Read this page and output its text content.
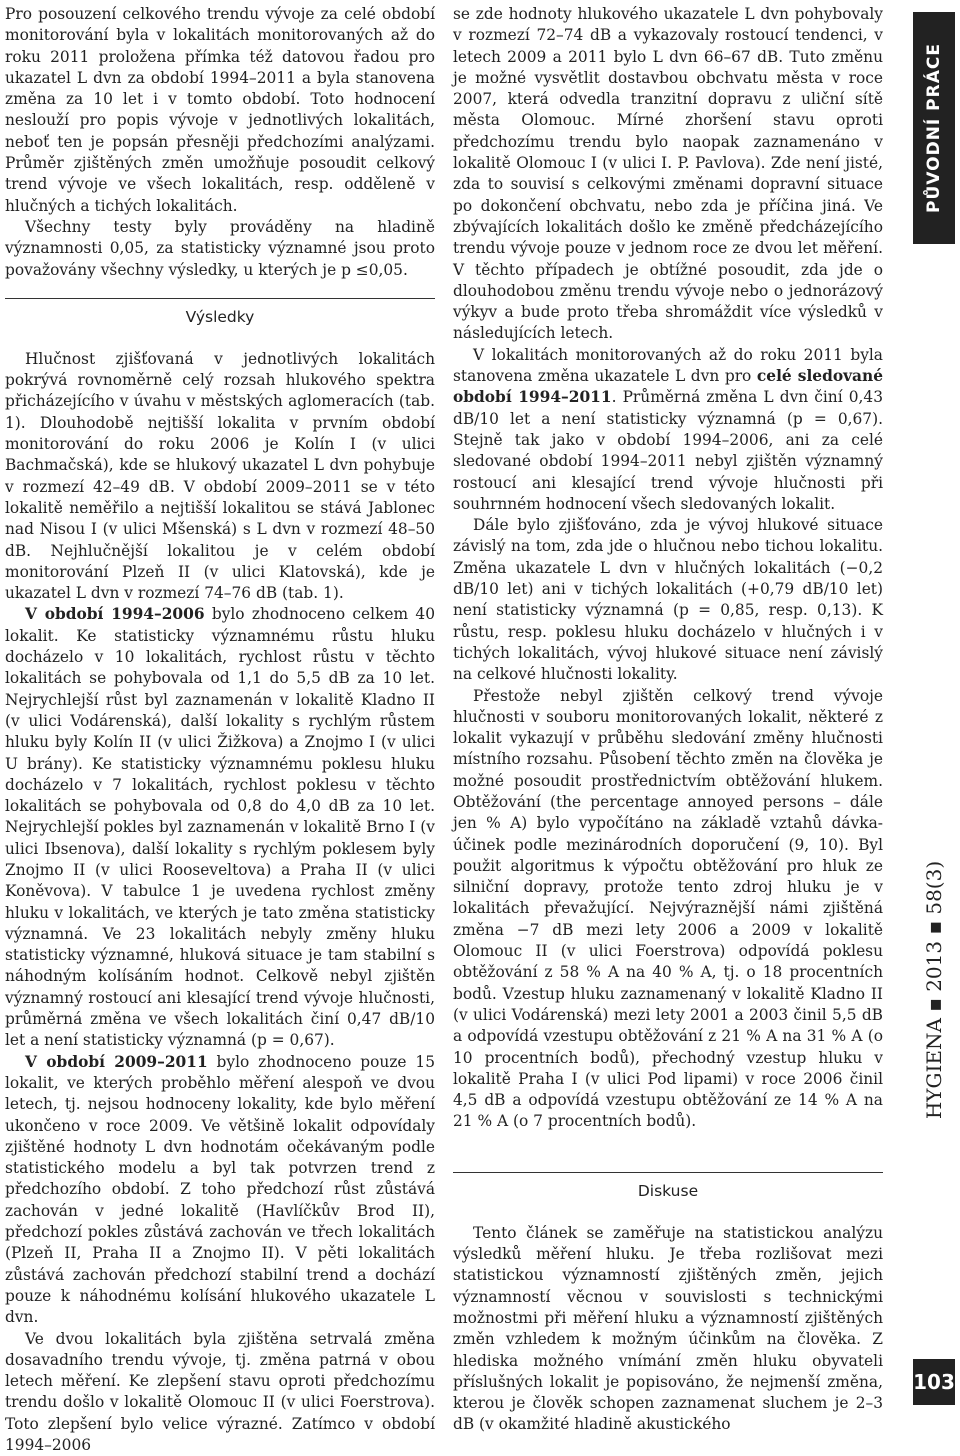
Pro posouzení celkového trendu vývoje za celé období monitorování byla v lokalitách monitorovaných až do roku 2011 proložena přímka též datovou řadou pro ukazatel L dvn za období 1994–2011 a byla stanovena změna za 10 let i v tomto období. Toto hodnocení neslouží pro popis vývoje v jednotlivých lokalitách, neboť ten je popsán přesněji předchozími analýzami. Průměr zjištěných změn umožňuje posoudit celkový trend vývoje ve všech lokalitách, resp. odděleně v hlučných a tichých lokalitách.

Všechny testy byly prováděny na hladině významnosti 0,05, za statisticky významné jsou proto považovány všechny výsledky, u kterých je p ≤0,05.

Výsledky

Hlučnost zjišťovaná v jednotlivých lokalitách pokrývá rovnoměrně celý rozsah hlukového spektra přicházejícího v úvahu v městských aglomeracích (tab. 1). Dlouhodobě nejtišší lokalita v prvním období monitorování do roku 2006 je Kolín I (v ulici Bachmačská), kde se hlukový ukazatel L dvn pohybuje v rozmezí 42–49 dB. V období 2009–2011 se v této lokalitě neměřilo a nejtišší lokalitou se stává Jablonec nad Nisou I (v ulici Mšenská) s L dvn v rozmezí 48–50 dB. Nejhlučnější lokalitou je v celém období monitorování Plzeň II (v ulici Klatovská), kde je ukazatel L dvn v rozmezí 74–76 dB (tab. 1).

V období 1994–2006 bylo zhodnoceno celkem 40 lokalit. Ke statisticky významnému růstu hluku docházelo v 10 lokalitách, rychlost růstu v těchto lokalitách se pohybovala od 1,1 do 5,5 dB za 10 let. Nejrychlejší růst byl zaznamenán v lokalitě Kladno II (v ulici Vodárenská), další lokality s rychlým růstem hluku byly Kolín II (v ulici Žižkova) a Znojmo I (v ulici U brány). Ke statisticky významnému poklesu hluku docházelo v 7 lokalitách, rychlost poklesu v těchto lokalitách se pohybovala od 0,8 do 4,0 dB za 10 let. Nejrychlejší pokles byl zaznamenán v lokalitě Brno I (v ulici Ibsenova), další lokality s rychlým poklesem byly Znojmo II (v ulici Rooseveltova) a Praha II (v ulici Koněvova). V tabulce 1 je uvedena rychlost změny hluku v lokalitách, ve kterých je tato změna statisticky významná. Ve 23 lokalitách nebyly změny hluku statisticky významné, hluková situace je tam stabilní s náhodným kolísáním hodnot. Celkově nebyl zjištěn významný rostoucí ani klesající trend vývoje hlučnosti, průměrná změna ve všech lokalitách činí 0,47 dB/10 let a není statisticky významná (p = 0,67).

V období 2009–2011 bylo zhodnoceno pouze 15 lokalit, ve kterých proběhlo měření alespoň ve dvou letech, tj. nejsou hodnoceny lokality, kde bylo měření ukončeno v roce 2009. Ve většině lokalit odpovídaly zjištěné hodnoty L dvn hodnotám očekávaným podle statistického modelu a byl tak potvrzen trend z předchozího období. Z toho předchozí růst zůstává zachován v jedné lokalitě (Havlíčkův Brod II), předchozí pokles zůstává zachován ve třech lokalitách (Plzeň II, Praha II a Znojmo II). V pěti lokalitách zůstává zachován předchozí stabilní trend a dochází pouze k náhodnému kolísání hlukového ukazatele L dvn.

Ve dvou lokalitách byla zjištěna setrvalá změna dosavadního trendu vývoje, tj. změna patrná v obou letech měření. Ke zlepšení stavu oproti předchozímu trendu došlo v lokalitě Olomouc II (v ulici Foerstrova). Toto zlepšení bylo velice výrazné. Zatímco v období 1994–2006

se zde hodnoty hlukového ukazatele L dvn pohybovaly v rozmezí 72–74 dB a vykazovaly rostoucí tendenci, v letech 2009 a 2011 bylo L dvn 66–67 dB. Tuto změnu je možné vysvětlit dostavbou obchvatu města v roce 2007, která odvedla tranzitní dopravu z uliční sítě města Olomouc. Mírné zhoršení stavu oproti předchozímu trendu bylo naopak zaznamenáno v lokalitě Olomouc I (v ulici I. P. Pavlova). Zde není jisté, zda to souvisí s celkovými změnami dopravní situace po dokončení obchvatu, nebo zda je příčina jiná. Ve zbývajících lokalitách došlo ke změně předcházejícího trendu vývoje pouze v jednom roce ze dvou let měření. V těchto případech je obtížné posoudit, zda jde o dlouhodobou změnu trendu vývoje nebo o jednorázový výkyv a bude proto třeba shromáždit více výsledků v následujících letech.

V lokalitách monitorovaných až do roku 2011 byla stanovena změna ukazatele L dvn pro celé sledované období 1994–2011. Průměrná změna L dvn činí 0,43 dB/10 let a není statisticky významná (p = 0,67). Stejně tak jako v období 1994–2006, ani za celé sledované období 1994–2011 nebyl zjištěn významný rostoucí ani klesající trend vývoje hlučnosti při souhrnném hodnocení všech sledovaných lokalit.

Dále bylo zjišťováno, zda je vývoj hlukové situace závislý na tom, zda jde o hlučnou nebo tichou lokalitu. Změna ukazatele L dvn v hlučných lokalitách (−0,2 dB/10 let) ani v tichých lokalitách (+0,79 dB/10 let) není statisticky významná (p = 0,85, resp. 0,13). K růstu, resp. poklesu hluku docházelo v hlučných i v tichých lokalitách, vývoj hlukové situace není závislý na celkové hlučnosti lokality.

Přestože nebyl zjištěn celkový trend vývoje hlučnosti v souboru monitorovaných lokalit, některé z lokalit vykazují v průběhu sledování změny hlučnosti místního rozsahu. Působení těchto změn na člověka je možné posoudit prostřednictvím obtěžování hlukem. Obtěžování (the percentage annoyed persons – dále jen % A) bylo vypočítáno na základě vztahů dávka-účinek podle mezinárodních doporučení (9, 10). Byl použit algoritmus k výpočtu obtěžování pro hluk ze silniční dopravy, protože tento zdroj hluku je v lokalitách převažující. Nejvýraznější námi zjištěná změna −7 dB mezi lety 2006 a 2009 v lokalitě Olomouc II (v ulici Foerstrova) odpovídá poklesu obtěžování z 58 % A na 40 % A, tj. o 18 procentních bodů. Vzestup hluku zaznamenaný v lokalitě Kladno II (v ulici Vodárenská) mezi lety 2001 a 2003 činil 5,5 dB a odpovídá vzestupu obtěžování z 21 % A na 31 % A (o 10 procentních bodů), přechodný vzestup hluku v lokalitě Praha I (v ulici Pod lipami) v roce 2006 činil 4,5 dB a odpovídá vzestupu obtěžování ze 14 % A na 21 % A (o 7 procentních bodů).

Diskuse

Tento článek se zaměřuje na statistickou analýzu výsledků měření hluku. Je třeba rozlišovat mezi statistickou významností zjištěných změn, jejich významností věcnou v souvislosti s technickými možnostmi při měření hluku a významností zjištěných změn vzhledem k možným účinkům na člověka. Z hlediska možného vnímání změn hluku obyvateli příslušných lokalit je popisováno, že nejmenší změna, kterou je člověk schopen zaznamenat sluchem je 2–3 dB (v okamžité hladině akustického

PŮVODNÍ PRÁCE
HYGIENA ▪ 2013 ▪ 58(3)
103
